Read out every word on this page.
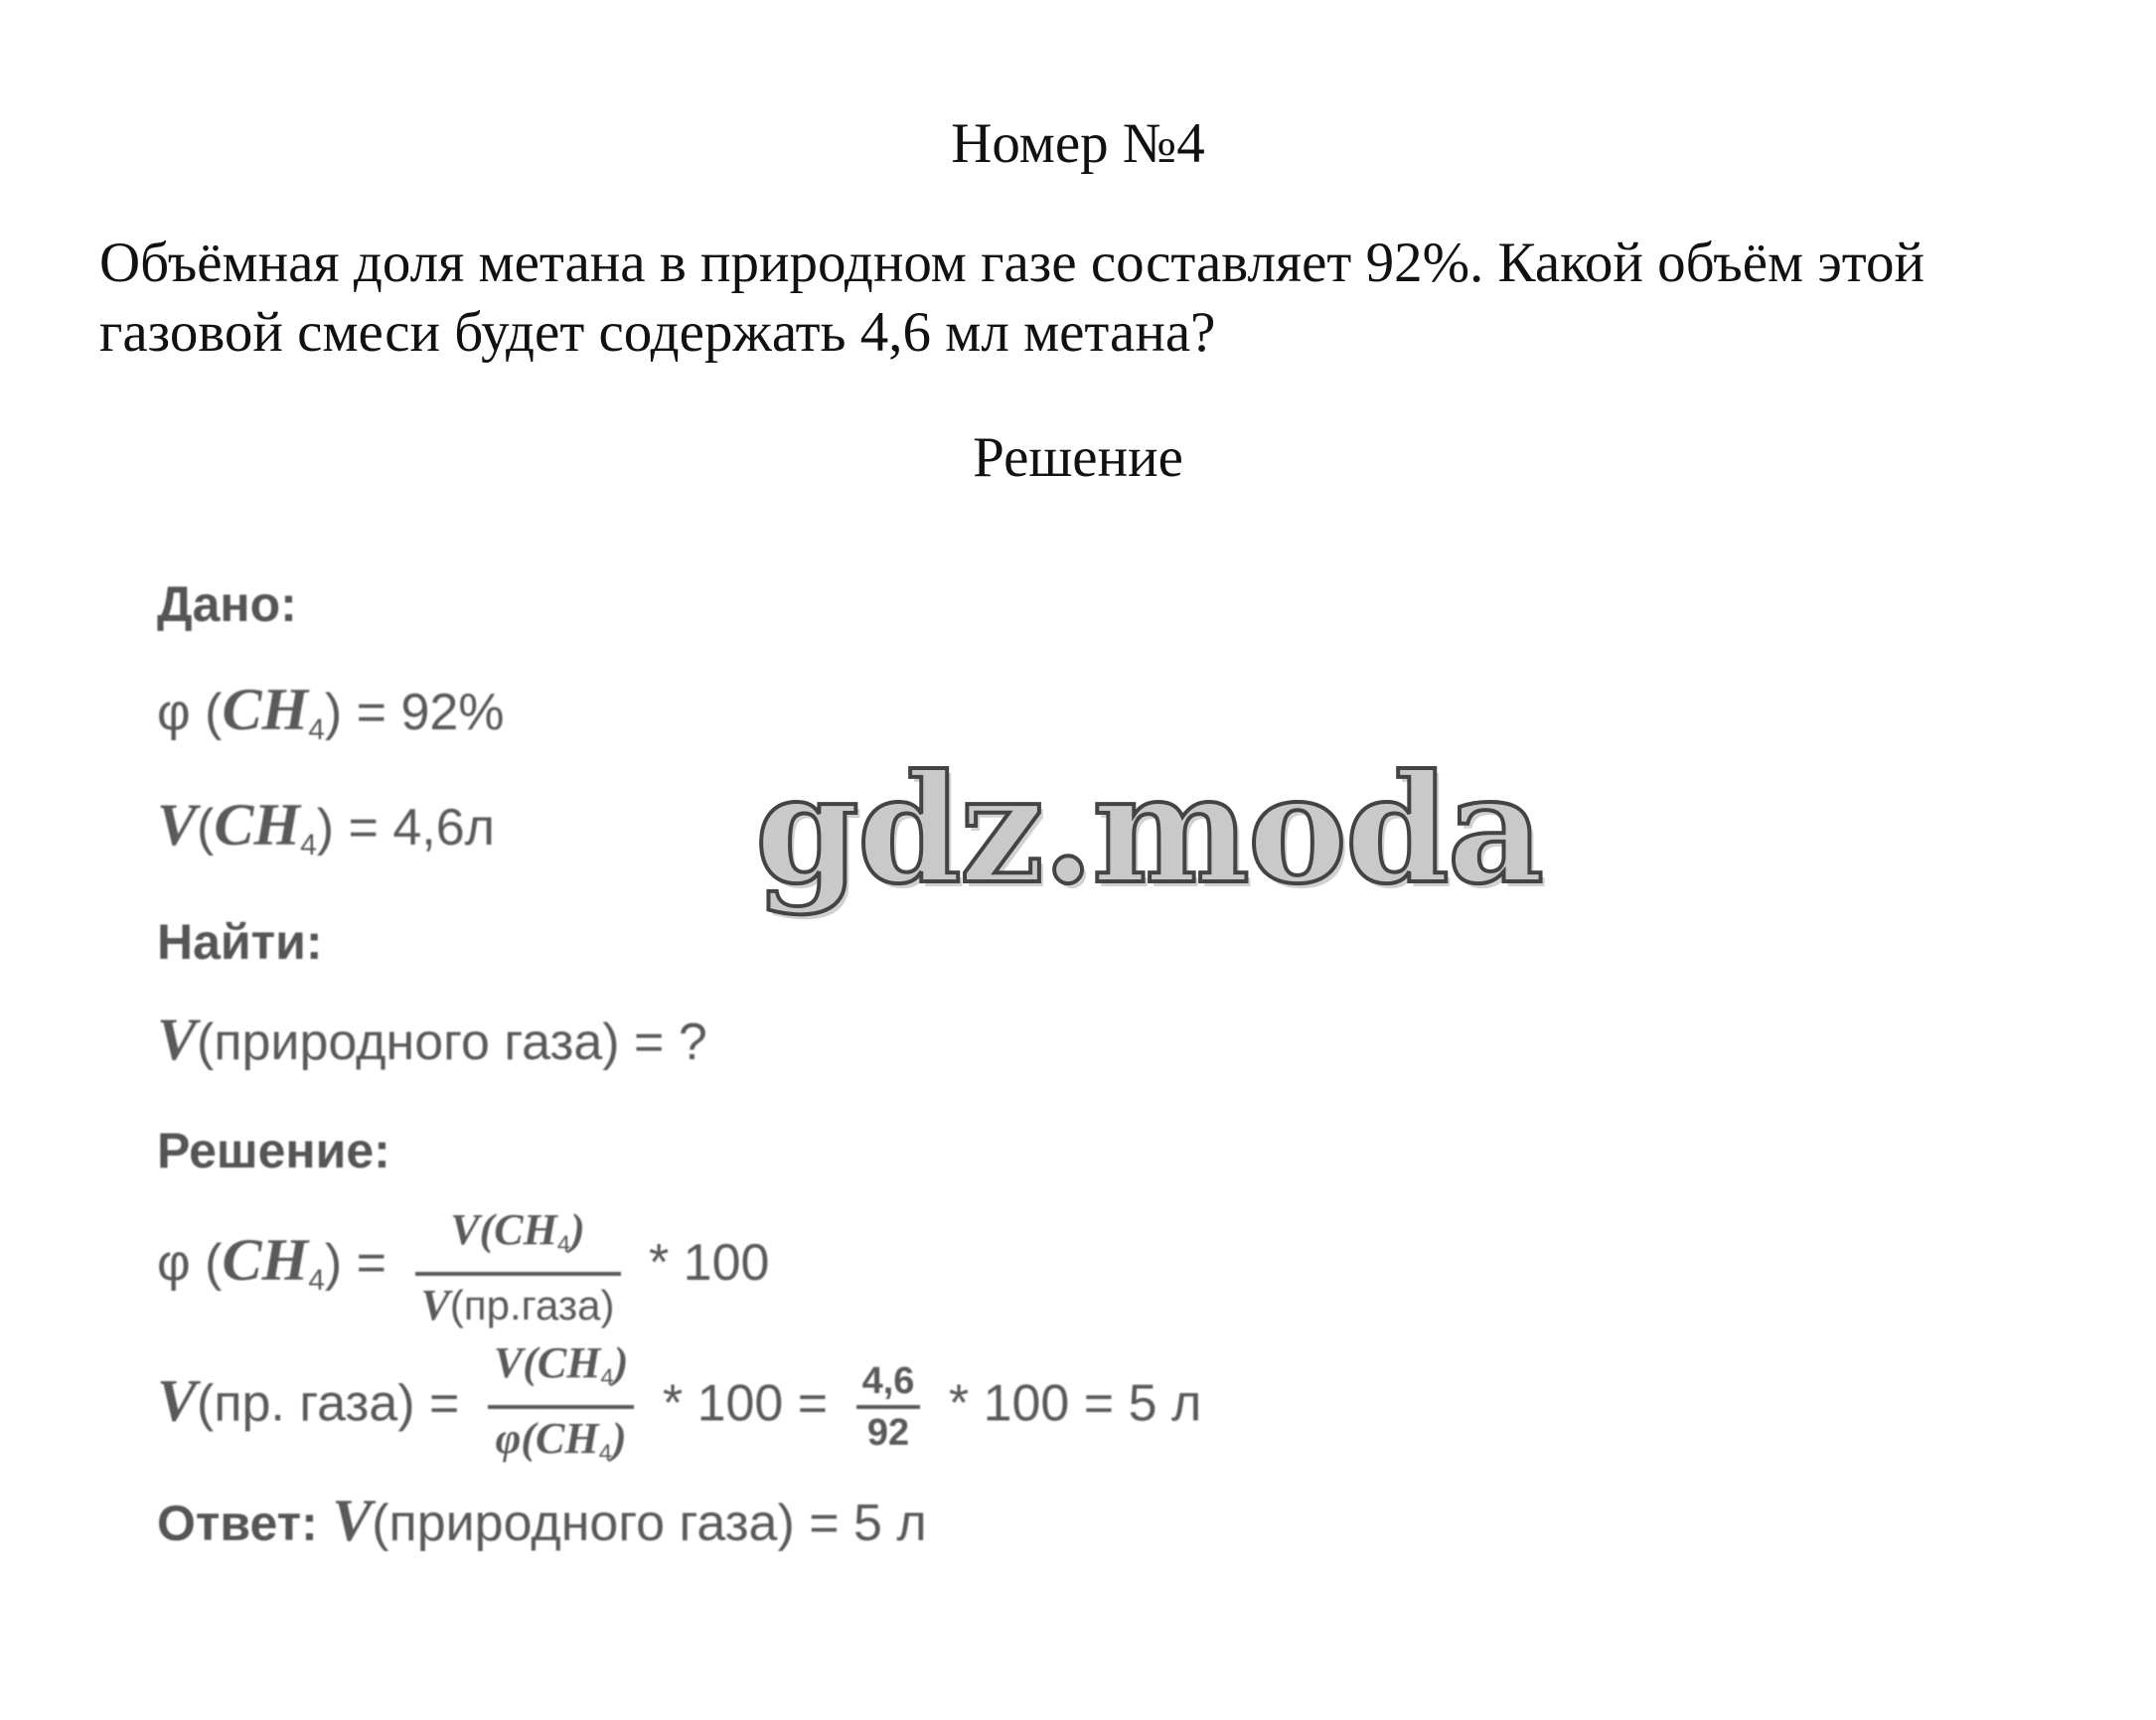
Номер №4
Объёмная доля метана в природном газе составляет 92%. Какой объём этой газовой смеси будет содержать 4,6 мл метана?
Решение
Дано:
φ $(CH_4) = 92\%$
$V(CH_4) = 4,6л$
Найти:
V(природного газа) = ?
Решение:
φ $(CH_4) = \frac{V(CH4)}{\text{V(пр.газа)}} * 100$
V(пр. газа) = $\frac{V(CH4)}{\varphi(CH4)} * 100 = \frac{4,6}{92} * 100 = 5$ л
Ответ: V(природного газа) = 5 л
gdz.moda
